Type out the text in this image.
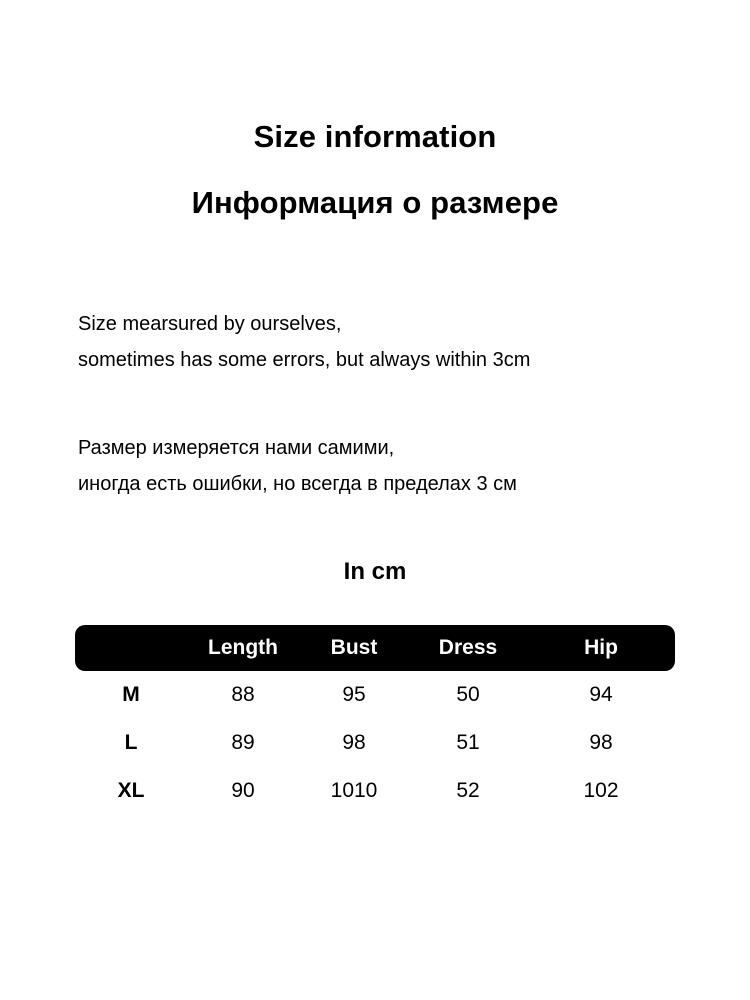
Size information
Информация о размере

Size mearsured by ourselves,

sometimes has some errors, but always within 3cm

Размер измеряется нами самими,

иногда есть ошибки, но всегда в пределах 3 см

In cm
	Length	Bust	Dress	Hip
M	88	95	50	94
L	89	98	51	98
XL	90	1010	52	102
